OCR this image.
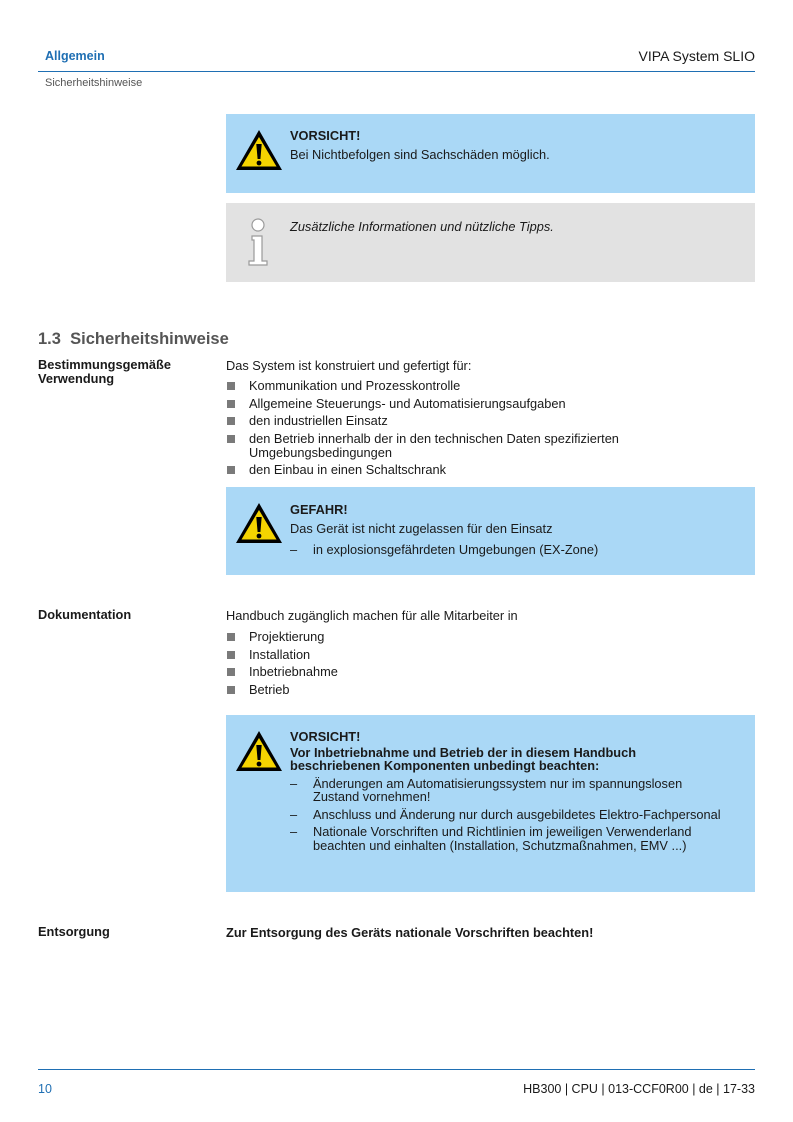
Allgemein	VIPA System SLIO
Sicherheitshinweise
VORSICHT!
Bei Nichtbefolgen sind Sachschäden möglich.
Zusätzliche Informationen und nützliche Tipps.
1.3 Sicherheitshinweise
Bestimmungsgemäße Verwendung
Das System ist konstruiert und gefertigt für:
Kommunikation und Prozesskontrolle
Allgemeine Steuerungs- und Automatisierungsaufgaben
den industriellen Einsatz
den Betrieb innerhalb der in den technischen Daten spezifizierten Umgebungsbedingungen
den Einbau in einen Schaltschrank
GEFAHR!
Das Gerät ist nicht zugelassen für den Einsatz
– in explosionsgefährdeten Umgebungen (EX-Zone)
Dokumentation	Handbuch zugänglich machen für alle Mitarbeiter in
Projektierung
Installation
Inbetriebnahme
Betrieb
VORSICHT!
Vor Inbetriebnahme und Betrieb der in diesem Handbuch beschriebenen Komponenten unbedingt beachten:
– Änderungen am Automatisierungssystem nur im spannungslosen Zustand vornehmen!
– Anschluss und Änderung nur durch ausgebildetes Elektro-Fachpersonal
– Nationale Vorschriften und Richtlinien im jeweiligen Verwenderland beachten und einhalten (Installation, Schutzmaßnahmen, EMV ...)
Entsorgung	Zur Entsorgung des Geräts nationale Vorschriften beachten!
10	HB300 | CPU | 013-CCF0R00 | de | 17-33
